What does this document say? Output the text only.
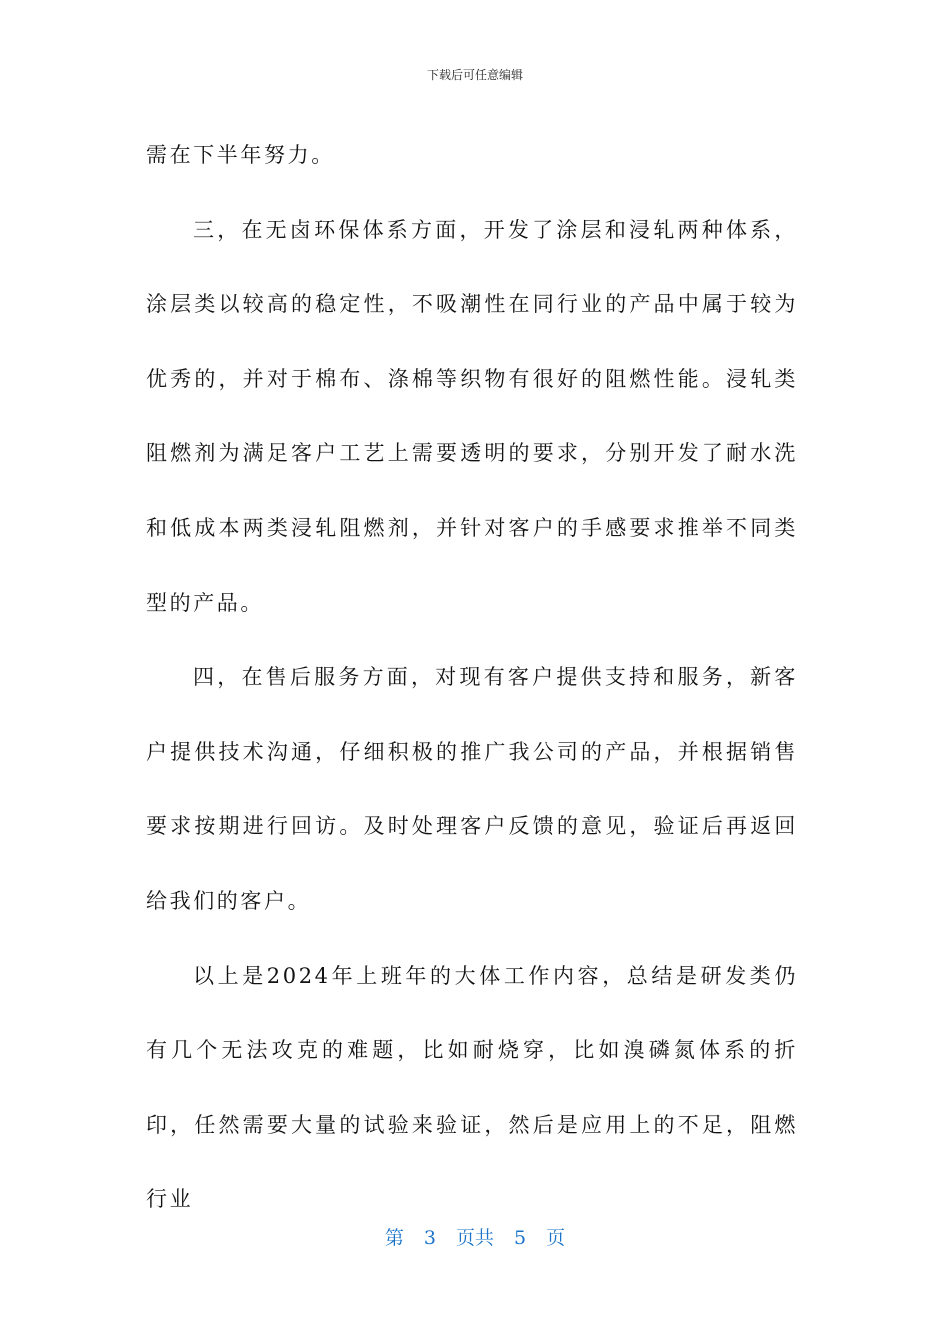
下载后可任意编辑

需在下半年努力。

三，在无卤环保体系方面，开发了涂层和浸轧两种体系，涂层类以较高的稳定性，不吸潮性在同行业的产品中属于较为优秀的，并对于棉布、涤棉等织物有很好的阻燃性能。浸轧类阻燃剂为满足客户工艺上需要透明的要求，分别开发了耐水洗和低成本两类浸轧阻燃剂，并针对客户的手感要求推举不同类型的产品。

四，在售后服务方面，对现有客户提供支持和服务，新客户提供技术沟通，仔细积极的推广我公司的产品，并根据销售要求按期进行回访。及时处理客户反馈的意见，验证后再返回给我们的客户。

以上是2024年上班年的大体工作内容，总结是研发类仍有几个无法攻克的难题，比如耐烧穿，比如溴磷氮体系的折印，任然需要大量的试验来验证，然后是应用上的不足，阻燃行业

第 3 页共 5 页
